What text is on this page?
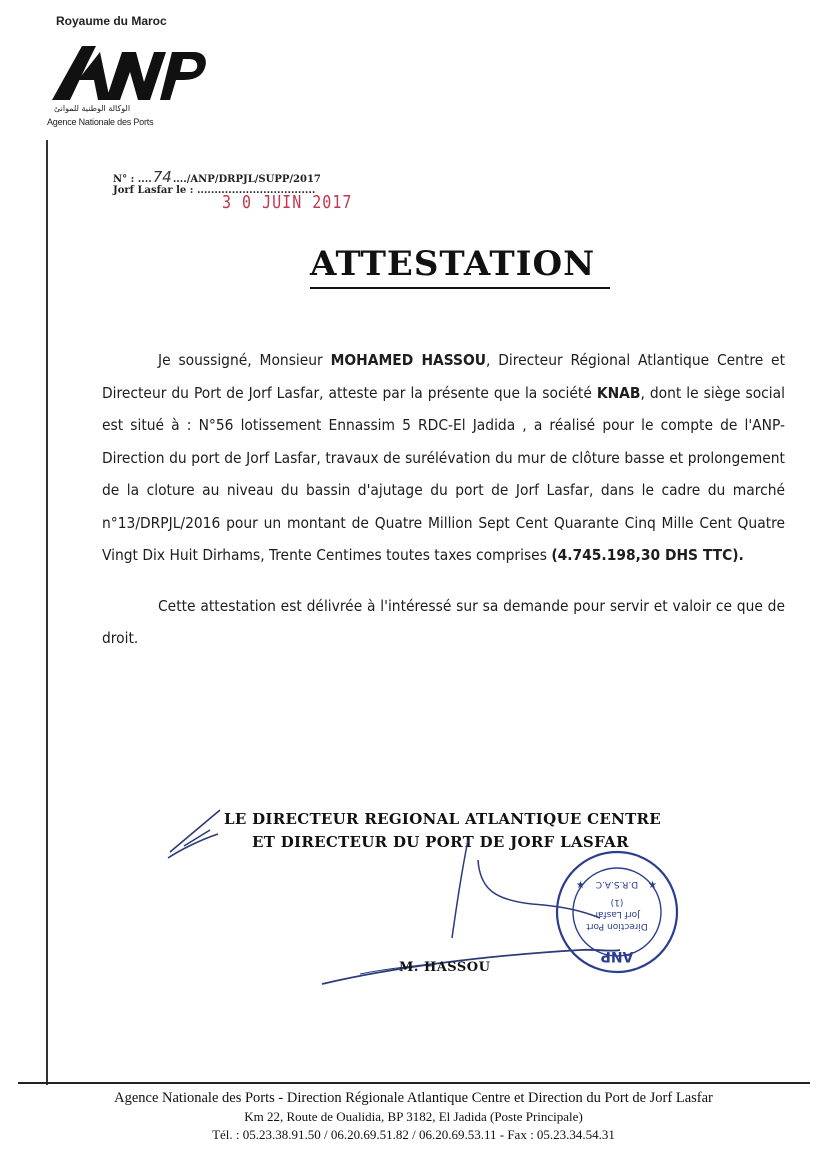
Royaume du Maroc
الوكالة الوطنية للموانئ
Agence Nationale des Ports
N° : ....74..../ANP/DRPJL/SUPP/2017
Jorf Lasfar le : ..................................
3 0 JUIN 2017
ATTESTATION

Je soussigné, Monsieur MOHAMED HASSOU, Directeur Régional Atlantique Centre et Directeur du Port de Jorf Lasfar, atteste par la présente que la société KNAB, dont le siège social est situé à : N°56 lotissement Ennassim 5 RDC-El Jadida , a réalisé pour le compte de l'ANP-Direction du port de Jorf Lasfar, travaux de surélévation du mur de clôture basse et prolongement de la cloture au niveau du bassin d'ajutage du port de Jorf Lasfar, dans le cadre du marché n°13/DRPJL/2016 pour un montant de Quatre Million Sept Cent Quarante Cinq Mille Cent Quatre Vingt Dix Huit Dirhams, Trente Centimes toutes taxes comprises (4.745.198,30 DHS TTC).

Cette attestation est délivrée à l'intéressé sur sa demande pour servir et valoir ce que de droit.

LE DIRECTEUR REGIONAL ATLANTIQUE CENTRE
ET DIRECTEUR DU PORT DE JORF LASFAR
ANP
Direction Port
Jorf Lasfar
(1)
D.R.S.A.C
★	★
M. HASSOU
Agence Nationale des Ports - Direction Régionale Atlantique Centre et Direction du Port de Jorf Lasfar
Km 22, Route de Oualidia, BP 3182, El Jadida (Poste Principale)
Tél. : 05.23.38.91.50 / 06.20.69.51.82 / 06.20.69.53.11 - Fax : 05.23.34.54.31
